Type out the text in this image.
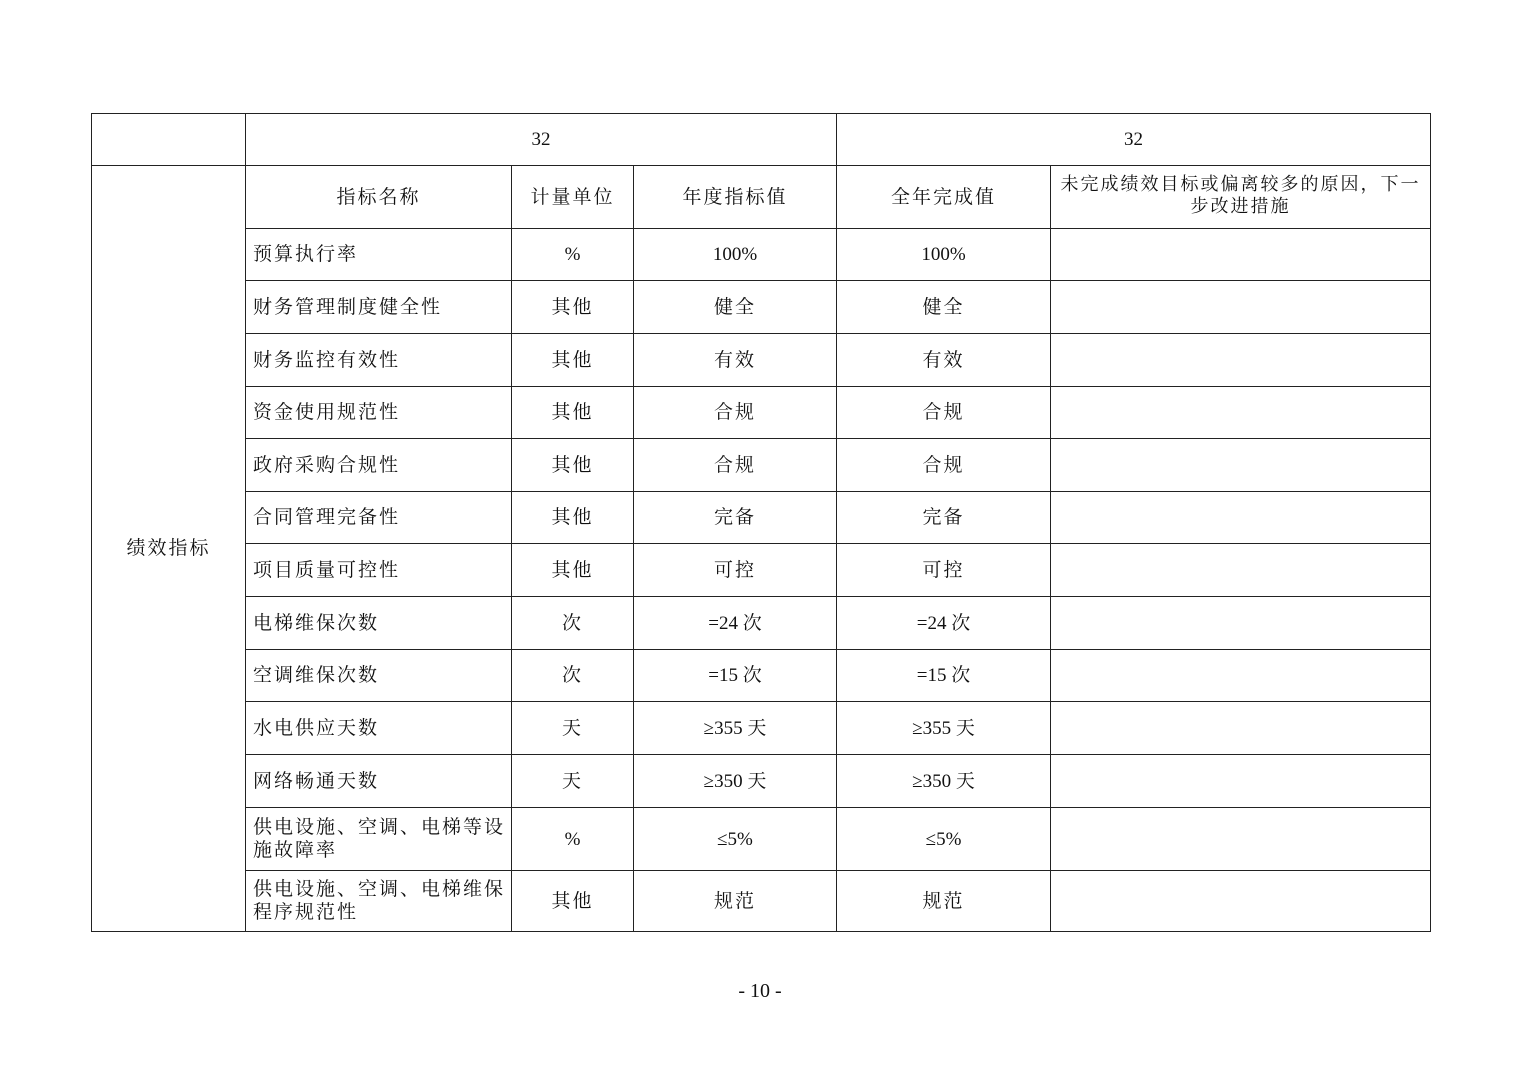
	32			32	
绩效指标	指标名称	计量单位	年度指标值	全年完成值	未完成绩效目标或偏离较多的原因，下一步改进措施
	预算执行率	%	100%	100%	
	财务管理制度健全性	其他	健全	健全	
	财务监控有效性	其他	有效	有效	
	资金使用规范性	其他	合规	合规	
	政府采购合规性	其他	合规	合规	
	合同管理完备性	其他	完备	完备	
	项目质量可控性	其他	可控	可控	
	电梯维保次数	次	=24 次	=24 次	
	空调维保次数	次	=15 次	=15 次	
	水电供应天数	天	≥355 天	≥355 天	
	网络畅通天数	天	≥350 天	≥350 天	
	供电设施、空调、电梯等设施故障率	%	≤5%	≤5%	
	供电设施、空调、电梯维保程序规范性	其他	规范	规范	
- 10 -
